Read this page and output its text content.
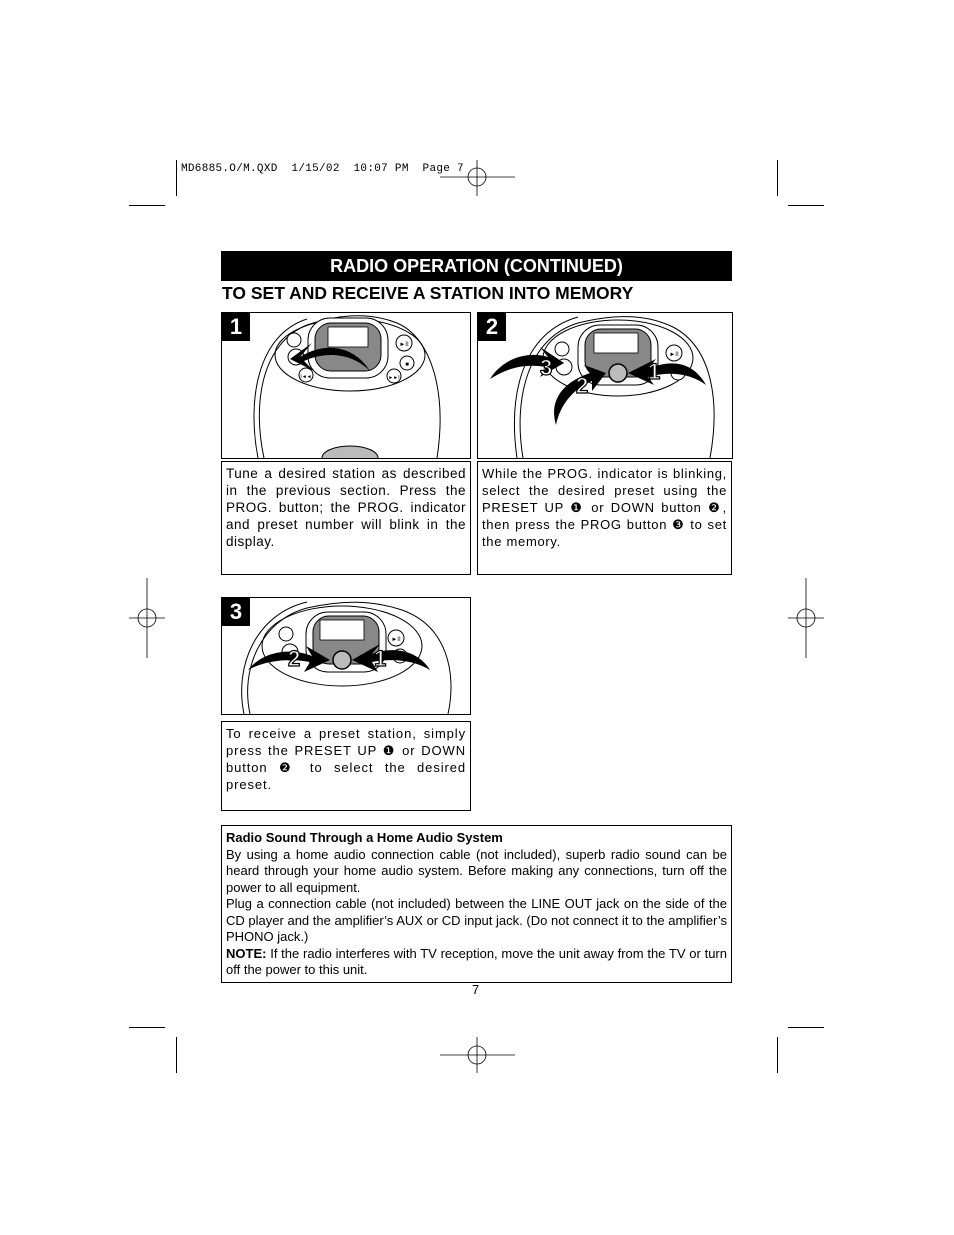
MD6885.O/M.QXD  1/15/02  10:07 PM  Page 7
RADIO OPERATION (CONTINUED)
TO SET AND RECEIVE A STATION INTO MEMORY
►II
■
I◄◄	►►I
1
Tune a desired station as described in the previous section. Press the PROG. button; the PROG. indicator and preset number will blink in the display.
►II
3
2
1
2
While the PROG. indicator is blinking, select the desired preset using the PRESET UP ❶ or DOWN button ❷, then press the PROG button ❸ to set the memory.
►II
2	1
3
To receive a preset station, simply press the PRESET UP ❶ or DOWN button ❷ to select the desired preset.

Radio Sound Through a Home Audio System

By using a home audio connection cable (not included), superb radio sound can be heard through your home audio system. Before making any connections, turn off the power to all equipment.

Plug a connection cable (not included) between the LINE OUT jack on the side of the CD player and the amplifier’s AUX or CD input jack. (Do not connect it to the amplifier’s PHONO jack.)

NOTE: If the radio interferes with TV reception, move the unit away from the TV or turn off the power to this unit.

7
